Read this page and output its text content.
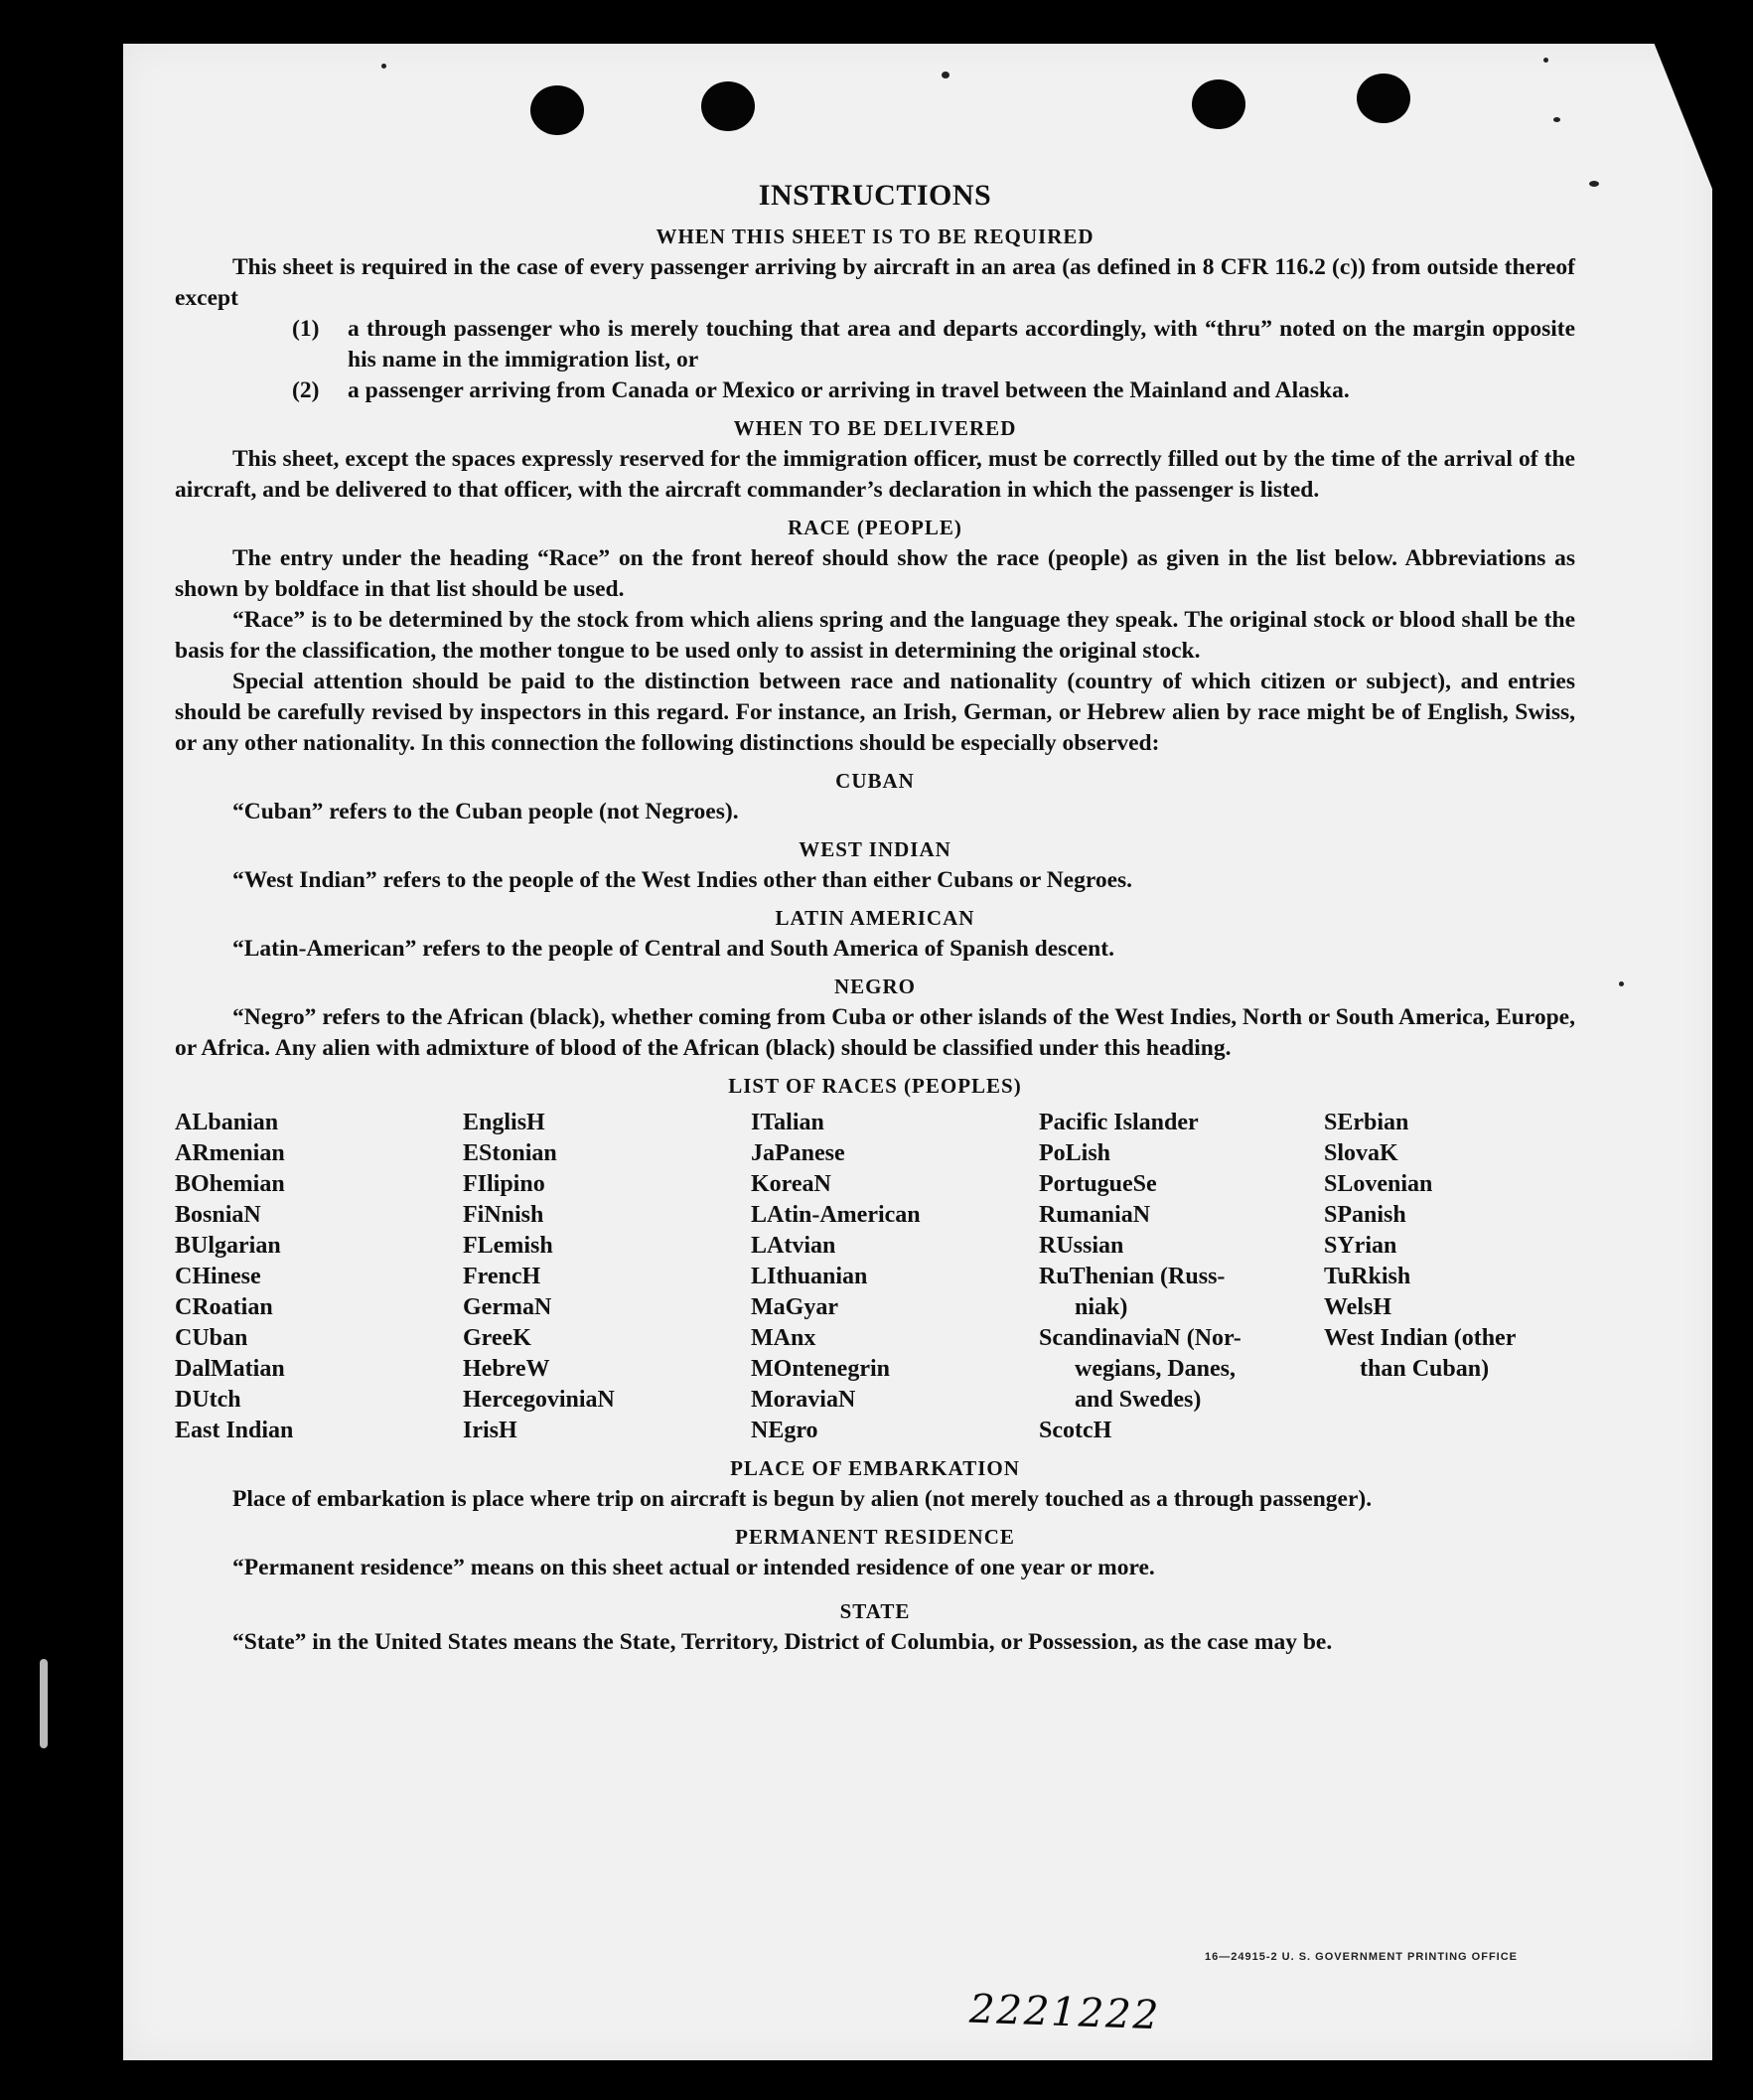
INSTRUCTIONS
WHEN THIS SHEET IS TO BE REQUIRED

This sheet is required in the case of every passenger arriving by aircraft in an area (as defined in 8 CFR 116.2 (c)) from outside thereof except

(1)	a through passenger who is merely touching that area and departs accordingly, with “thru” noted on the margin opposite his name in the immigration list, or
(2)	a passenger arriving from Canada or Mexico or arriving in travel between the Mainland and Alaska.
WHEN TO BE DELIVERED

This sheet, except the spaces expressly reserved for the immigration officer, must be correctly filled out by the time of the arrival of the aircraft, and be delivered to that officer, with the aircraft commander’s declaration in which the passenger is listed.

RACE (PEOPLE)

The entry under the heading “Race” on the front hereof should show the race (people) as given in the list below. Abbreviations as shown by boldface in that list should be used.

“Race” is to be determined by the stock from which aliens spring and the language they speak. The original stock or blood shall be the basis for the classification, the mother tongue to be used only to assist in determining the original stock.

Special attention should be paid to the distinction between race and nationality (country of which citizen or subject), and entries should be carefully revised by inspectors in this regard. For instance, an Irish, German, or Hebrew alien by race might be of English, Swiss, or any other nationality. In this connection the following distinctions should be especially observed:

CUBAN

“Cuban” refers to the Cuban people (not Negroes).

WEST INDIAN

“West Indian” refers to the people of the West Indies other than either Cubans or Negroes.

LATIN AMERICAN

“Latin-American” refers to the people of Central and South America of Spanish descent.

NEGRO

“Negro” refers to the African (black), whether coming from Cuba or other islands of the West Indies, North or South America, Europe, or Africa. Any alien with admixture of blood of the African (black) should be classified under this heading.

LIST OF RACES (PEOPLES)
ALbanian
ARmenian
BOhemian
BosniaN
BUlgarian
CHinese
CRoatian
CUban
DalMatian
DUtch
East Indian
EnglisH
EStonian
FIlipino
FiNnish
FLemish
FrencH
GermaN
GreeK
HebreW
HercegoviniaN
IrisH
ITalian
JaPanese
KoreaN
LAtin-American
LAtvian
LIthuanian
MaGyar
MAnx
MOntenegrin
MoraviaN
NEgro
Pacific Islander
PoLish
PortugueSe
RumaniaN
RUssian
RuThenian (Russ-
niak)
ScandinaviaN (Nor-
wegians, Danes,
and Swedes)
ScotcH
SErbian
SlovaK
SLovenian
SPanish
SYrian
TuRkish
WelsH
West Indian (other
than Cuban)
PLACE OF EMBARKATION

Place of embarkation is place where trip on aircraft is begun by alien (not merely touched as a through passenger).

PERMANENT RESIDENCE

“Permanent residence” means on this sheet actual or intended residence of one year or more.

STATE

“State” in the United States means the State, Territory, District of Columbia, or Possession, as the case may be.

16—24915-2 U. S. GOVERNMENT PRINTING OFFICE
2221222
